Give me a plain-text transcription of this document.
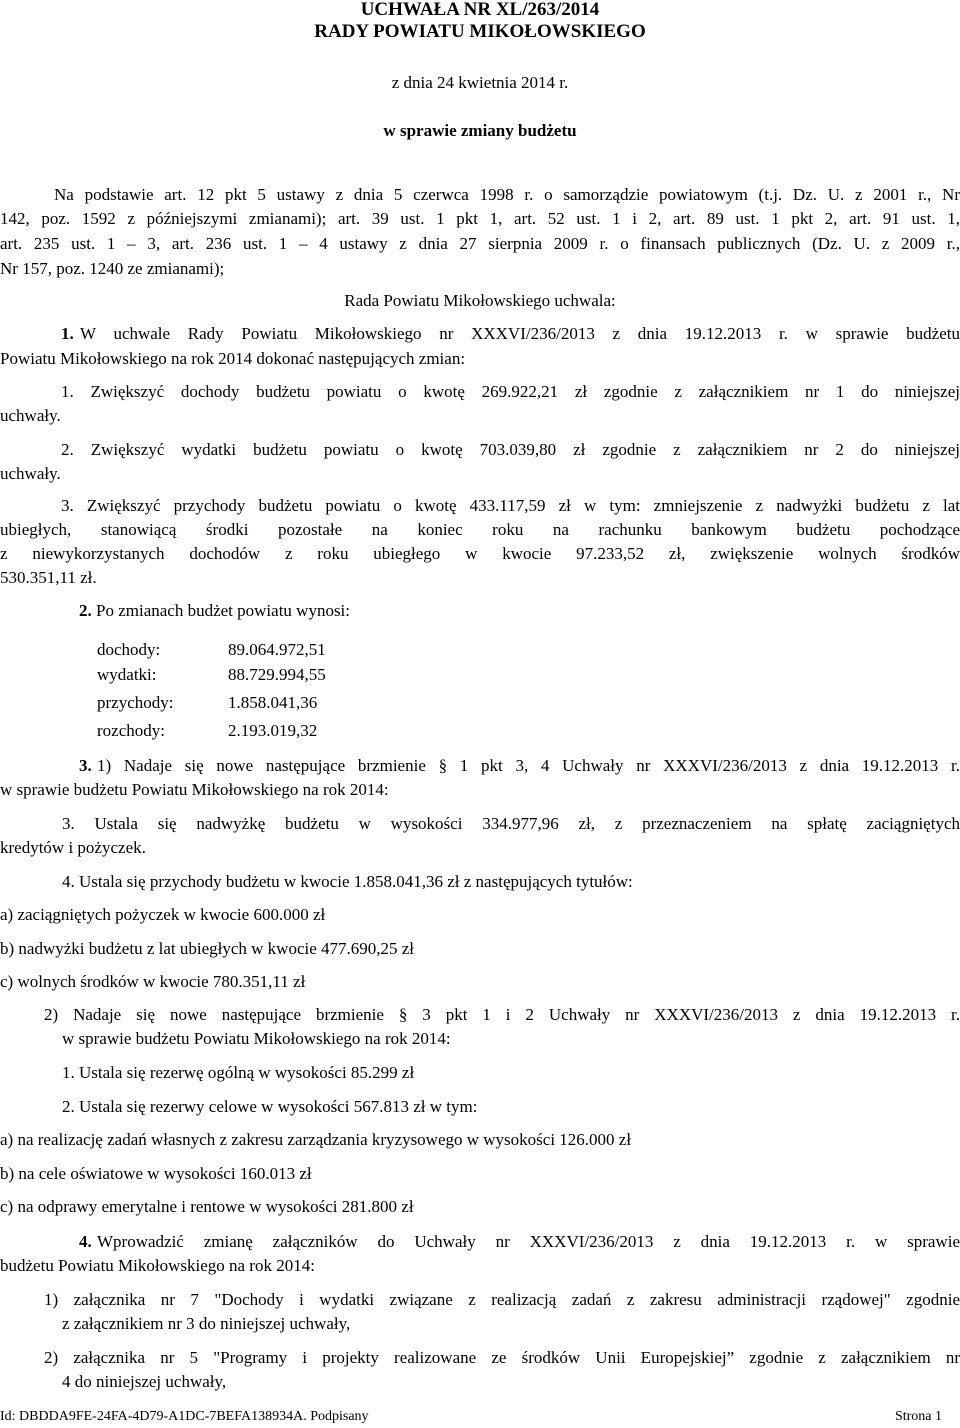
UCHWAŁA NR XL/263/2014
RADY POWIATU MIKOŁOWSKIEGO
z dnia 24 kwietnia 2014 r.
w sprawie zmiany budżetu
Na podstawie art. 12 pkt 5 ustawy z dnia 5 czerwca 1998 r. o samorządzie powiatowym (t.j. Dz. U. z 2001 r., Nr
142, poz. 1592 z późniejszymi zmianami); art. 39 ust. 1 pkt 1, art. 52 ust. 1 i 2, art. 89 ust. 1 pkt 2, art. 91 ust. 1,
art. 235 ust. 1 – 3, art. 236 ust. 1 – 4 ustawy z dnia 27 sierpnia 2009 r. o finansach publicznych (Dz. U. z 2009 r.,
Nr 157, poz. 1240 ze zmianami);
Rada Powiatu Mikołowskiego uchwala:
1. W uchwale Rady Powiatu Mikołowskiego nr XXXVI/236/2013 z dnia 19.12.2013 r. w sprawie budżetu
Powiatu Mikołowskiego na rok 2014 dokonać następujących zmian:
1. Zwiększyć dochody budżetu powiatu o kwotę 269.922,21 zł zgodnie z załącznikiem nr 1 do niniejszej
uchwały.
2. Zwiększyć wydatki budżetu powiatu o kwotę 703.039,80 zł zgodnie z załącznikiem nr 2 do niniejszej
uchwały.
3. Zwiększyć przychody budżetu powiatu o kwotę 433.117,59 zł w tym: zmniejszenie z nadwyżki budżetu z lat
ubiegłych, stanowiącą środki pozostałe na koniec roku na rachunku bankowym budżetu pochodzące
z niewykorzystanych dochodów z roku ubiegłego w kwocie 97.233,52 zł, zwiększenie wolnych środków
530.351,11 zł.
2. Po zmianach budżet powiatu wynosi:
dochody:	89.064.972,51
wydatki:	88.729.994,55
przychody:	1.858.041,36
rozchody:	2.193.019,32
3. 1) Nadaje się nowe następujące brzmienie § 1 pkt 3, 4 Uchwały nr XXXVI/236/2013 z dnia 19.12.2013 r.
w sprawie budżetu Powiatu Mikołowskiego na rok 2014:
3. Ustala się nadwyżkę budżetu w wysokości 334.977,96 zł, z przeznaczeniem na spłatę zaciągniętych
kredytów i pożyczek.
4. Ustala się przychody budżetu w kwocie 1.858.041,36 zł z następujących tytułów:
a) zaciągniętych pożyczek w kwocie 600.000 zł
b) nadwyżki budżetu z lat ubiegłych w kwocie 477.690,25 zł
c) wolnych środków w kwocie 780.351,11 zł
2) Nadaje się nowe następujące brzmienie § 3 pkt 1 i 2 Uchwały nr XXXVI/236/2013 z dnia 19.12.2013 r.
w sprawie budżetu Powiatu Mikołowskiego na rok 2014:
1. Ustala się rezerwę ogólną w wysokości 85.299 zł
2. Ustala się rezerwy celowe w wysokości 567.813 zł w tym:
a) na realizację zadań własnych z zakresu zarządzania kryzysowego w wysokości 126.000 zł
b) na cele oświatowe w wysokości 160.013 zł
c) na odprawy emerytalne i rentowe w wysokości 281.800 zł
4. Wprowadzić zmianę załączników do Uchwały nr XXXVI/236/2013 z dnia 19.12.2013 r. w sprawie
budżetu Powiatu Mikołowskiego na rok 2014:
1) załącznika nr 7 "Dochody i wydatki związane z realizacją zadań z zakresu administracji rządowej" zgodnie
z załącznikiem nr 3 do niniejszej uchwały,
2) załącznika nr 5 "Programy i projekty realizowane ze środków Unii Europejskiej” zgodnie z załącznikiem nr
4 do niniejszej uchwały,
Id: DBDDA9FE-24FA-4D79-A1DC-7BEFA138934A. Podpisany	Strona 1
